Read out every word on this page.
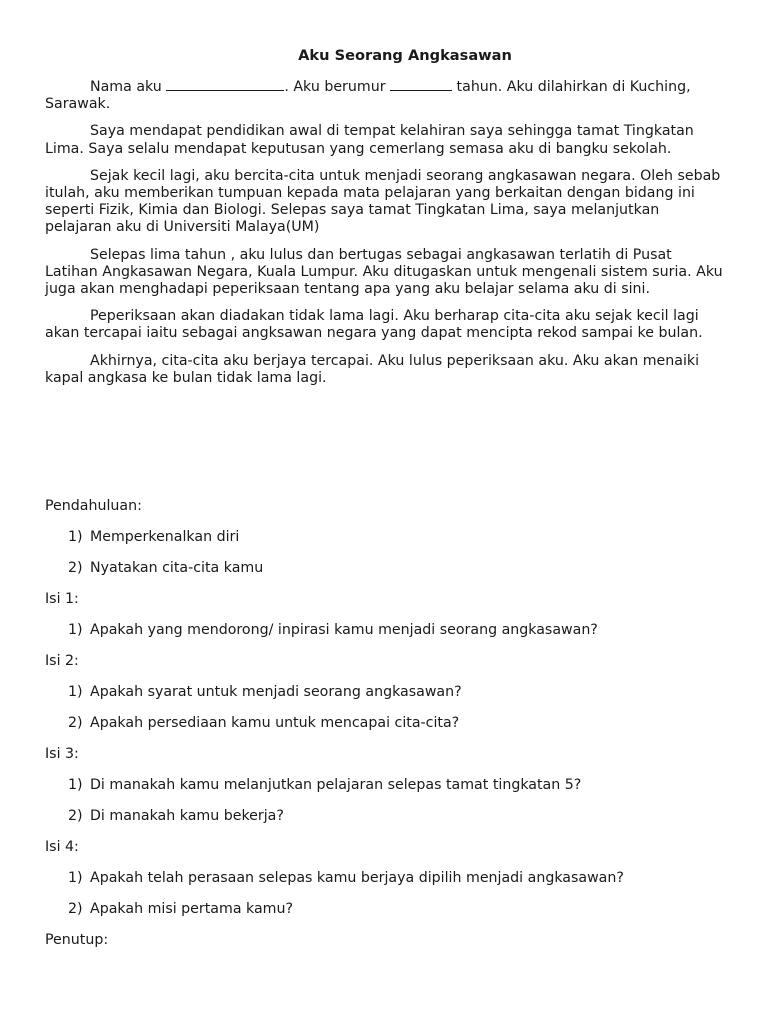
Aku Seorang Angkasawan

Nama aku	. Aku berumur	tahun. Aku dilahirkan di Kuching, Sarawak.

Saya mendapat pendidikan awal di tempat kelahiran saya sehingga tamat Tingkatan Lima. Saya selalu mendapat keputusan yang cemerlang semasa aku di bangku sekolah.

Sejak kecil lagi, aku bercita-cita untuk menjadi seorang angkasawan negara. Oleh sebab itulah, aku memberikan tumpuan kepada mata pelajaran yang berkaitan dengan bidang ini seperti Fizik, Kimia dan Biologi. Selepas saya tamat Tingkatan Lima, saya melanjutkan pelajaran aku di Universiti Malaya(UM)

Selepas lima tahun , aku lulus dan bertugas sebagai angkasawan terlatih di Pusat Latihan Angkasawan Negara, Kuala Lumpur. Aku ditugaskan untuk mengenali sistem suria. Aku juga akan menghadapi peperiksaan tentang apa yang aku belajar selama aku di sini.

Peperiksaan akan diadakan tidak lama lagi. Aku berharap cita-cita aku sejak kecil lagi akan tercapai iaitu sebagai angksawan negara yang dapat mencipta rekod sampai ke bulan.

Akhirnya, cita-cita aku berjaya tercapai. Aku lulus peperiksaan aku. Aku akan menaiki kapal angkasa ke bulan tidak lama lagi.

Pendahuluan:
1) Memperkenalkan diri
2) Nyatakan cita-cita kamu
Isi 1:
1) Apakah yang mendorong/ inpirasi kamu menjadi seorang angkasawan?
Isi 2:
1) Apakah syarat untuk menjadi seorang angkasawan?
2) Apakah persediaan kamu untuk mencapai cita-cita?
Isi 3:
1) Di manakah kamu melanjutkan pelajaran selepas tamat tingkatan 5?
2) Di manakah kamu bekerja?
Isi 4:
1) Apakah telah perasaan selepas kamu berjaya dipilih menjadi angkasawan?
2) Apakah misi pertama kamu?
Penutup:
